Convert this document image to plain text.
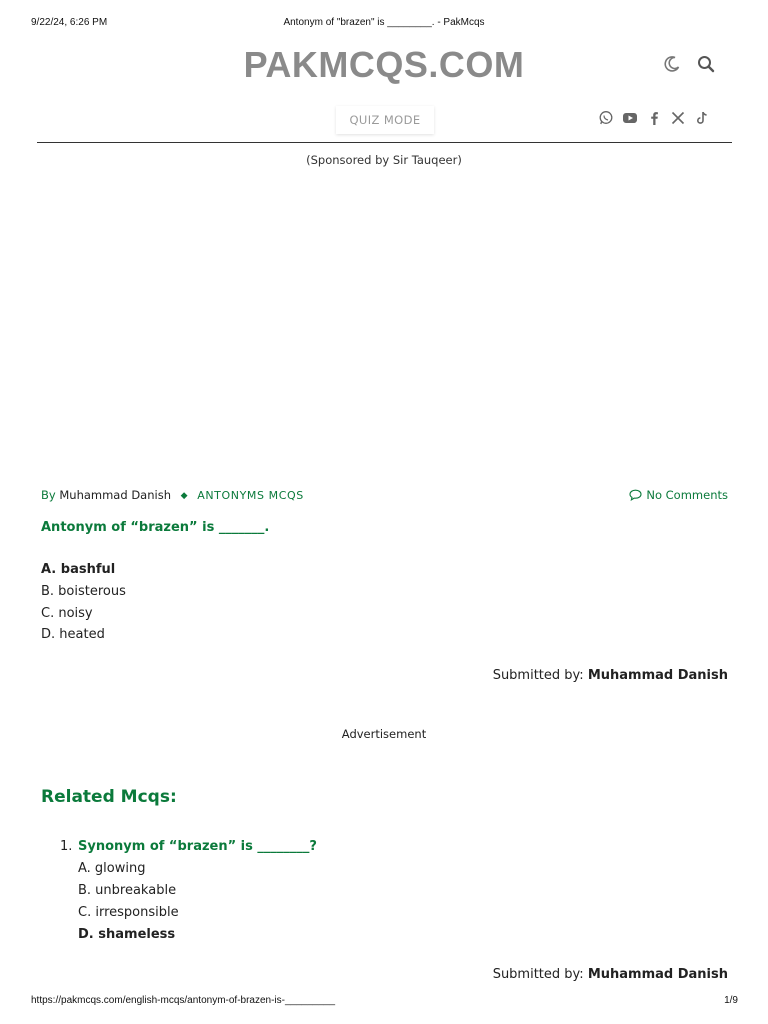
9/22/24, 6:26 PM	Antonym of "brazen" is ________. - PakMcqs
PAKMCQS.COM
QUIZ MODE
(Sponsored by Sir Tauqeer)
By Muhammad Danish ◆ ANTONYMS MCQS	No Comments
Antonym of “brazen” is _______.
A. bashful
B. boisterous
C. noisy
D. heated
Submitted by: Muhammad Danish
Advertisement
Related Mcqs:
1. Synonym of “brazen” is ________?
A. glowing
B. unbreakable
C. irresponsible
D. shameless
Submitted by: Muhammad Danish
https://pakmcqs.com/english-mcqs/antonym-of-brazen-is-_________	1/9
